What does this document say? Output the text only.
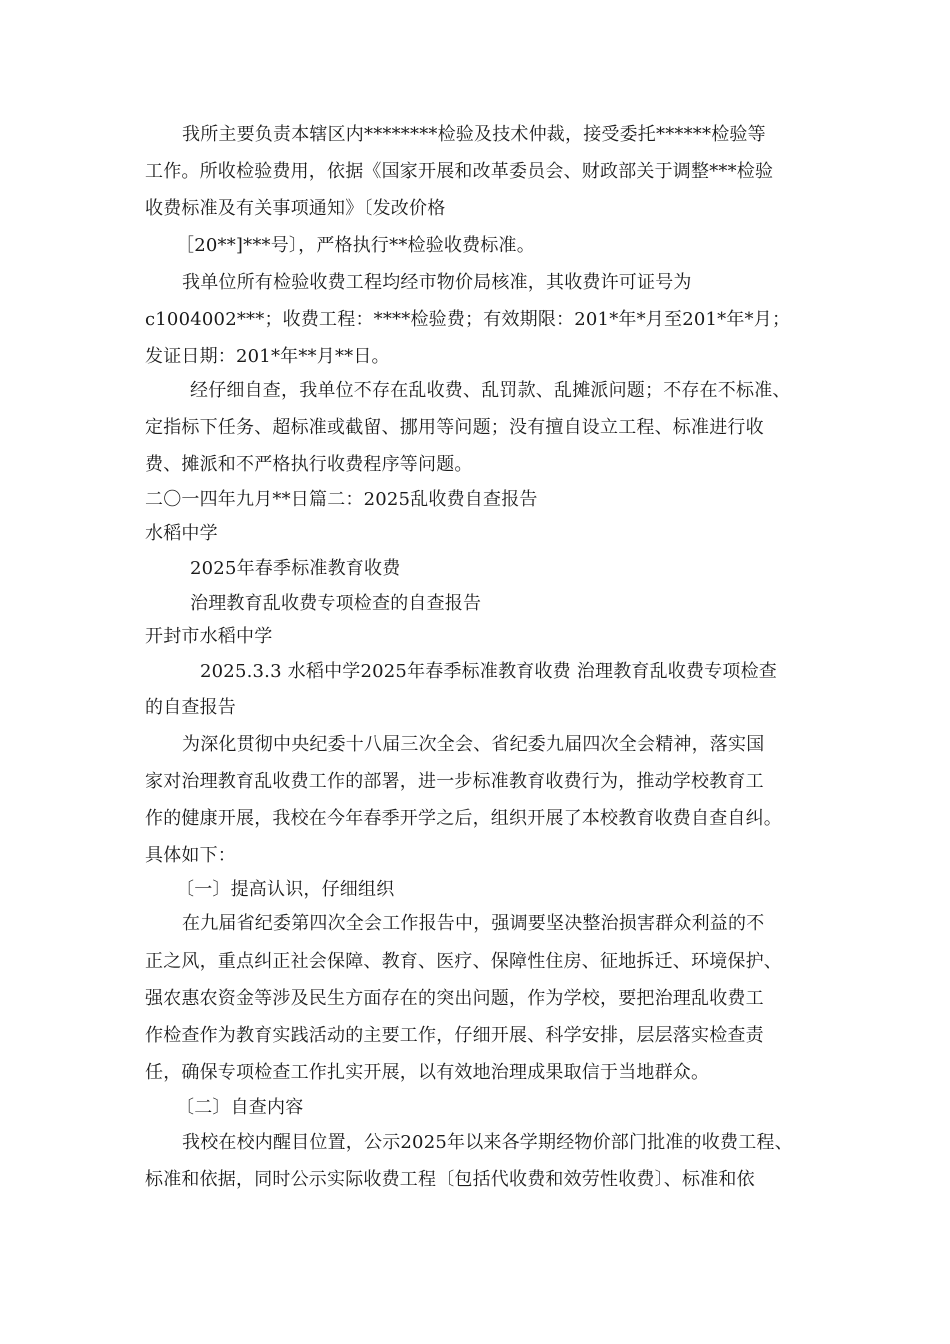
我所主要负责本辖区内********检验及技术仲裁，接受委托******检验等
工作。所收检验费用，依据《国家开展和改革委员会、财政部关于调整***检验
收费标准及有关事项通知》〔发改价格
［20**]***号〕，严格执行**检验收费标准。
我单位所有检验收费工程均经市物价局核准，其收费许可证号为
c1004002***；收费工程：****检验费；有效期限：201*年*月至201*年*月；
发证日期：201*年**月**日。
经仔细自查，我单位不存在乱收费、乱罚款、乱摊派问题；不存在不标准、
定指标下任务、超标准或截留、挪用等问题；没有擅自设立工程、标准进行收
费、摊派和不严格执行收费程序等问题。
二〇一四年九月**日篇二：2025乱收费自查报告
水稻中学
2025年春季标准教育收费
治理教育乱收费专项检查的自查报告
开封市水稻中学
2025.3.3 水稻中学2025年春季标准教育收费 治理教育乱收费专项检查
的自查报告
为深化贯彻中央纪委十八届三次全会、省纪委九届四次全会精神，落实国
家对治理教育乱收费工作的部署，进一步标准教育收费行为，推动学校教育工
作的健康开展，我校在今年春季开学之后，组织开展了本校教育收费自查自纠。
具体如下：
〔一〕提高认识，仔细组织
在九届省纪委第四次全会工作报告中，强调要坚决整治损害群众利益的不
正之风，重点纠正社会保障、教育、医疗、保障性住房、征地拆迁、环境保护、
强农惠农资金等涉及民生方面存在的突出问题，作为学校，要把治理乱收费工
作检查作为教育实践活动的主要工作，仔细开展、科学安排，层层落实检查责
任，确保专项检查工作扎实开展，以有效地治理成果取信于当地群众。
〔二〕自查内容
我校在校内醒目位置，公示2025年以来各学期经物价部门批准的收费工程、
标准和依据，同时公示实际收费工程〔包括代收费和效劳性收费〕、标准和依
